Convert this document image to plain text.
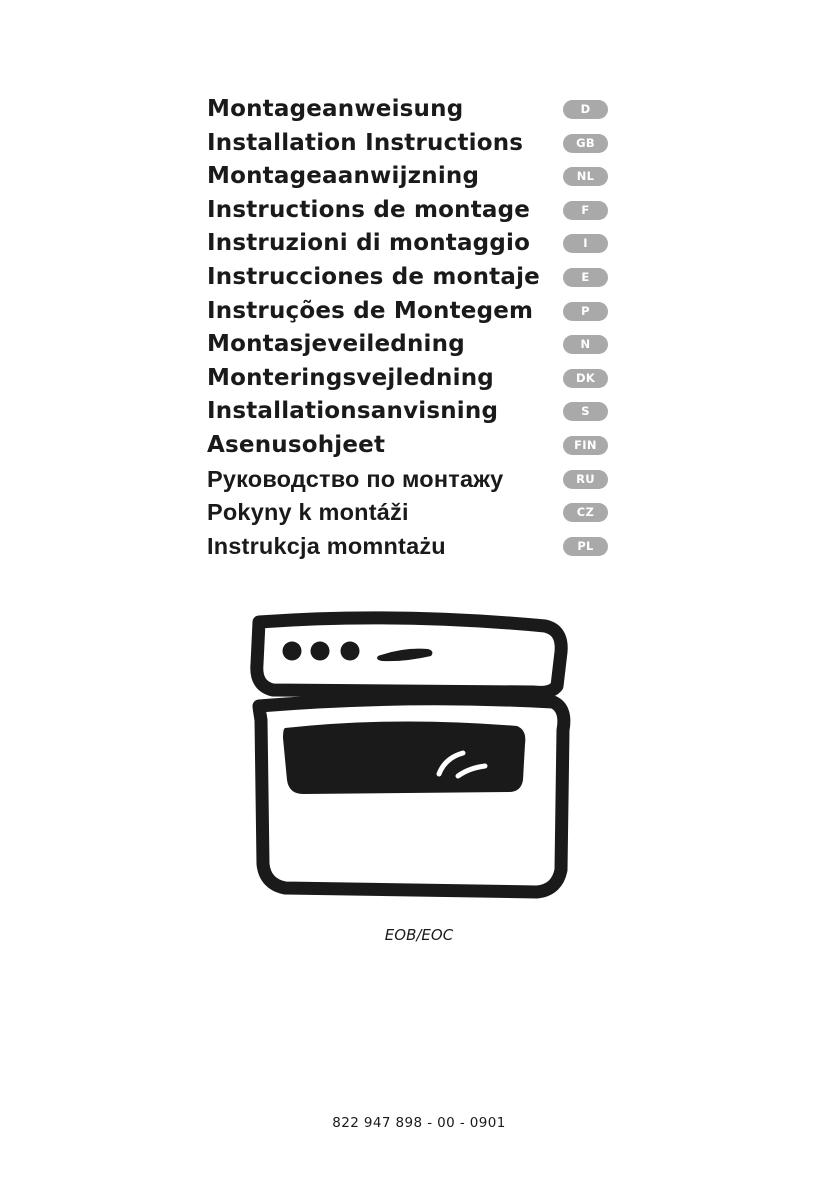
Montageanweisung	D
Installation Instructions	GB
Montageaanwijzning	NL
Instructions de montage	F
Instruzioni di montaggio	I
Instrucciones de montaje	E
Instruções de Montegem	P
Montasjeveiledning	N
Monteringsvejledning	DK
Installationsanvisning	S
Asenusohjeet	FIN
Руководство по монтажу	RU
Pokyny k montáži	CZ
Instrukcja momntażu	PL
EOB/EOC
822 947 898 - 00 - 0901
